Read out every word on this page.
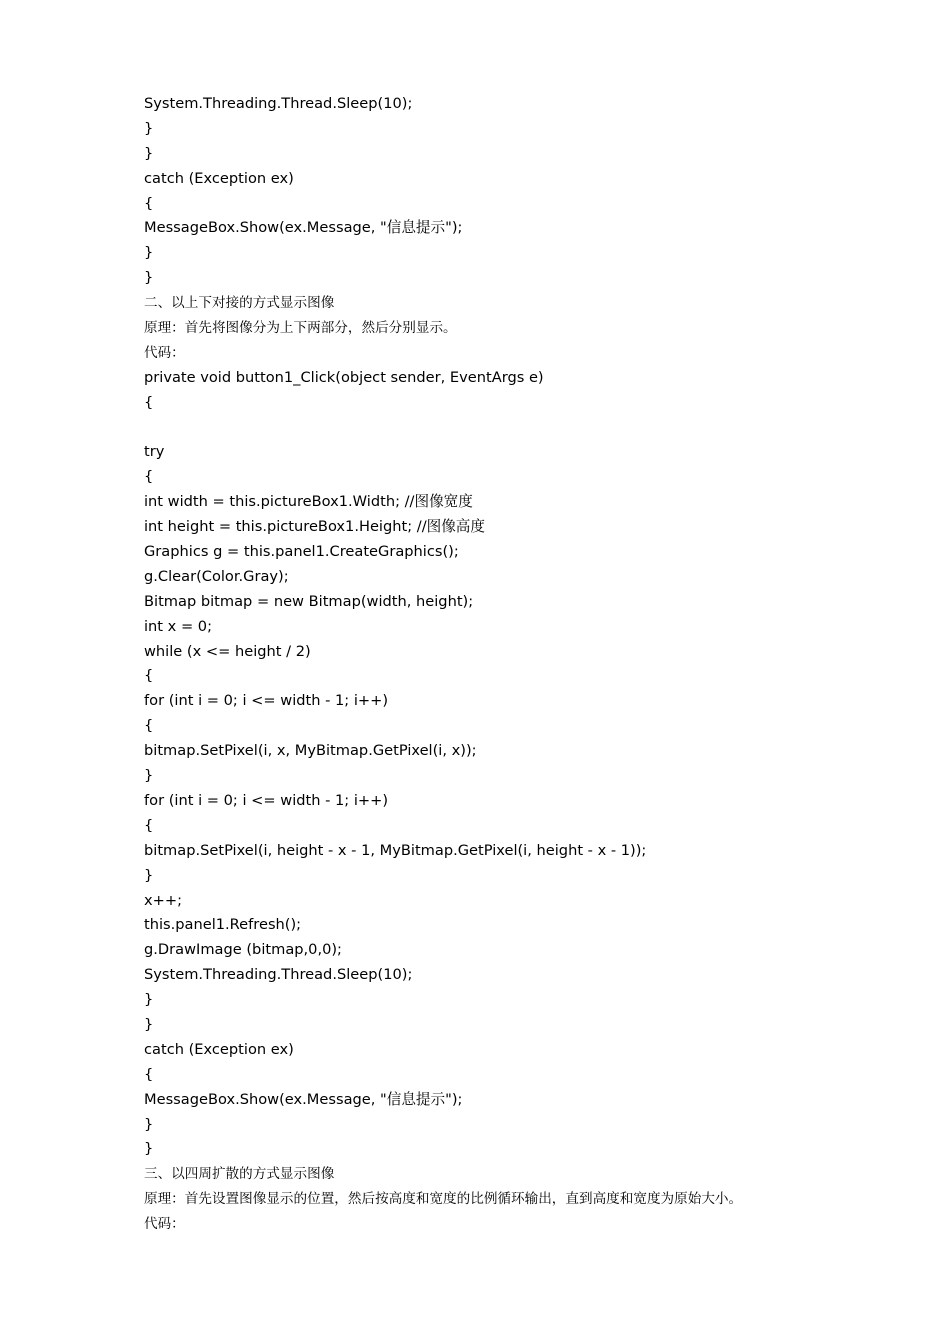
System.Threading.Thread.Sleep(10);
}
}
catch (Exception ex)
{
MessageBox.Show(ex.Message, "信息提示");
}
}
二、以上下对接的方式显示图像
原理：首先将图像分为上下两部分，然后分别显示。
代码：
private void button1_Click(object sender, EventArgs e)
{
try
{
int width = this.pictureBox1.Width; //图像宽度
int height = this.pictureBox1.Height; //图像高度
Graphics g = this.panel1.CreateGraphics();
g.Clear(Color.Gray);
Bitmap bitmap = new Bitmap(width, height);
int x = 0;
while (x <= height / 2)
{
for (int i = 0; i <= width - 1; i++)
{
bitmap.SetPixel(i, x, MyBitmap.GetPixel(i, x));
}
for (int i = 0; i <= width - 1; i++)
{
bitmap.SetPixel(i, height - x - 1, MyBitmap.GetPixel(i, height - x - 1));
}
x++;
this.panel1.Refresh();
g.DrawImage (bitmap,0,0);
System.Threading.Thread.Sleep(10);
}
}
catch (Exception ex)
{
MessageBox.Show(ex.Message, "信息提示");
}
}
三、以四周扩散的方式显示图像
原理：首先设置图像显示的位置，然后按高度和宽度的比例循环输出，直到高度和宽度为原始大小。
代码：
